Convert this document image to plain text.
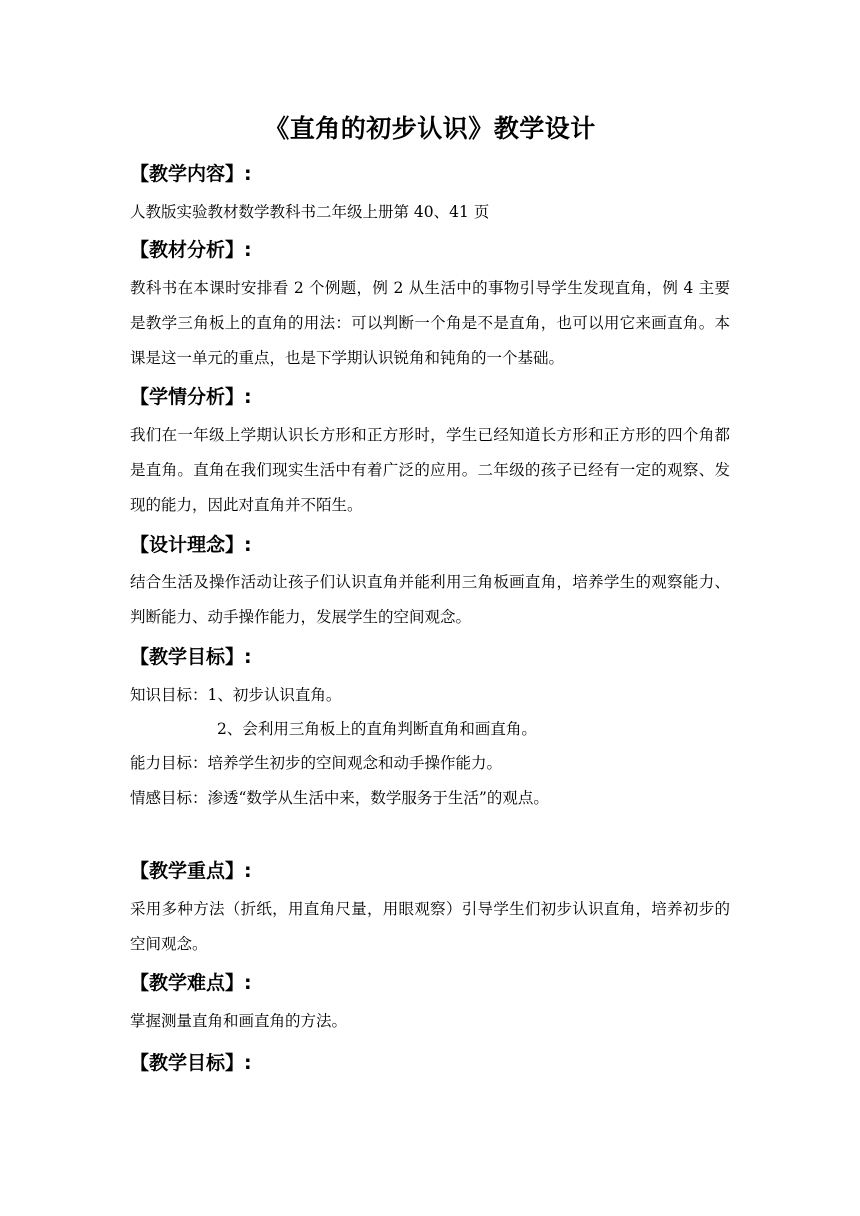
《直角的初步认识》教学设计
【教学内容】:
人教版实验教材数学教科书二年级上册第 40、41 页
【教材分析】:
教科书在本课时安排看 2 个例题，例 2 从生活中的事物引导学生发现直角，例 4 主要是教学三角板上的直角的用法：可以判断一个角是不是直角，也可以用它来画直角。本课是这一单元的重点，也是下学期认识锐角和钝角的一个基础。
【学情分析】:
我们在一年级上学期认识长方形和正方形时，学生已经知道长方形和正方形的四个角都是直角。直角在我们现实生活中有着广泛的应用。二年级的孩子已经有一定的观察、发现的能力，因此对直角并不陌生。
【设计理念】:
结合生活及操作活动让孩子们认识直角并能利用三角板画直角，培养学生的观察能力、判断能力、动手操作能力，发展学生的空间观念。
【教学目标】:
知识目标：1、初步认识直角。
2、会利用三角板上的直角判断直角和画直角。
能力目标：培养学生初步的空间观念和动手操作能力。
情感目标：渗透“数学从生活中来，数学服务于生活”的观点。
【教学重点】:
采用多种方法（折纸，用直角尺量，用眼观察）引导学生们初步认识直角，培养初步的空间观念。
【教学难点】:
掌握测量直角和画直角的方法。
【教学目标】:
